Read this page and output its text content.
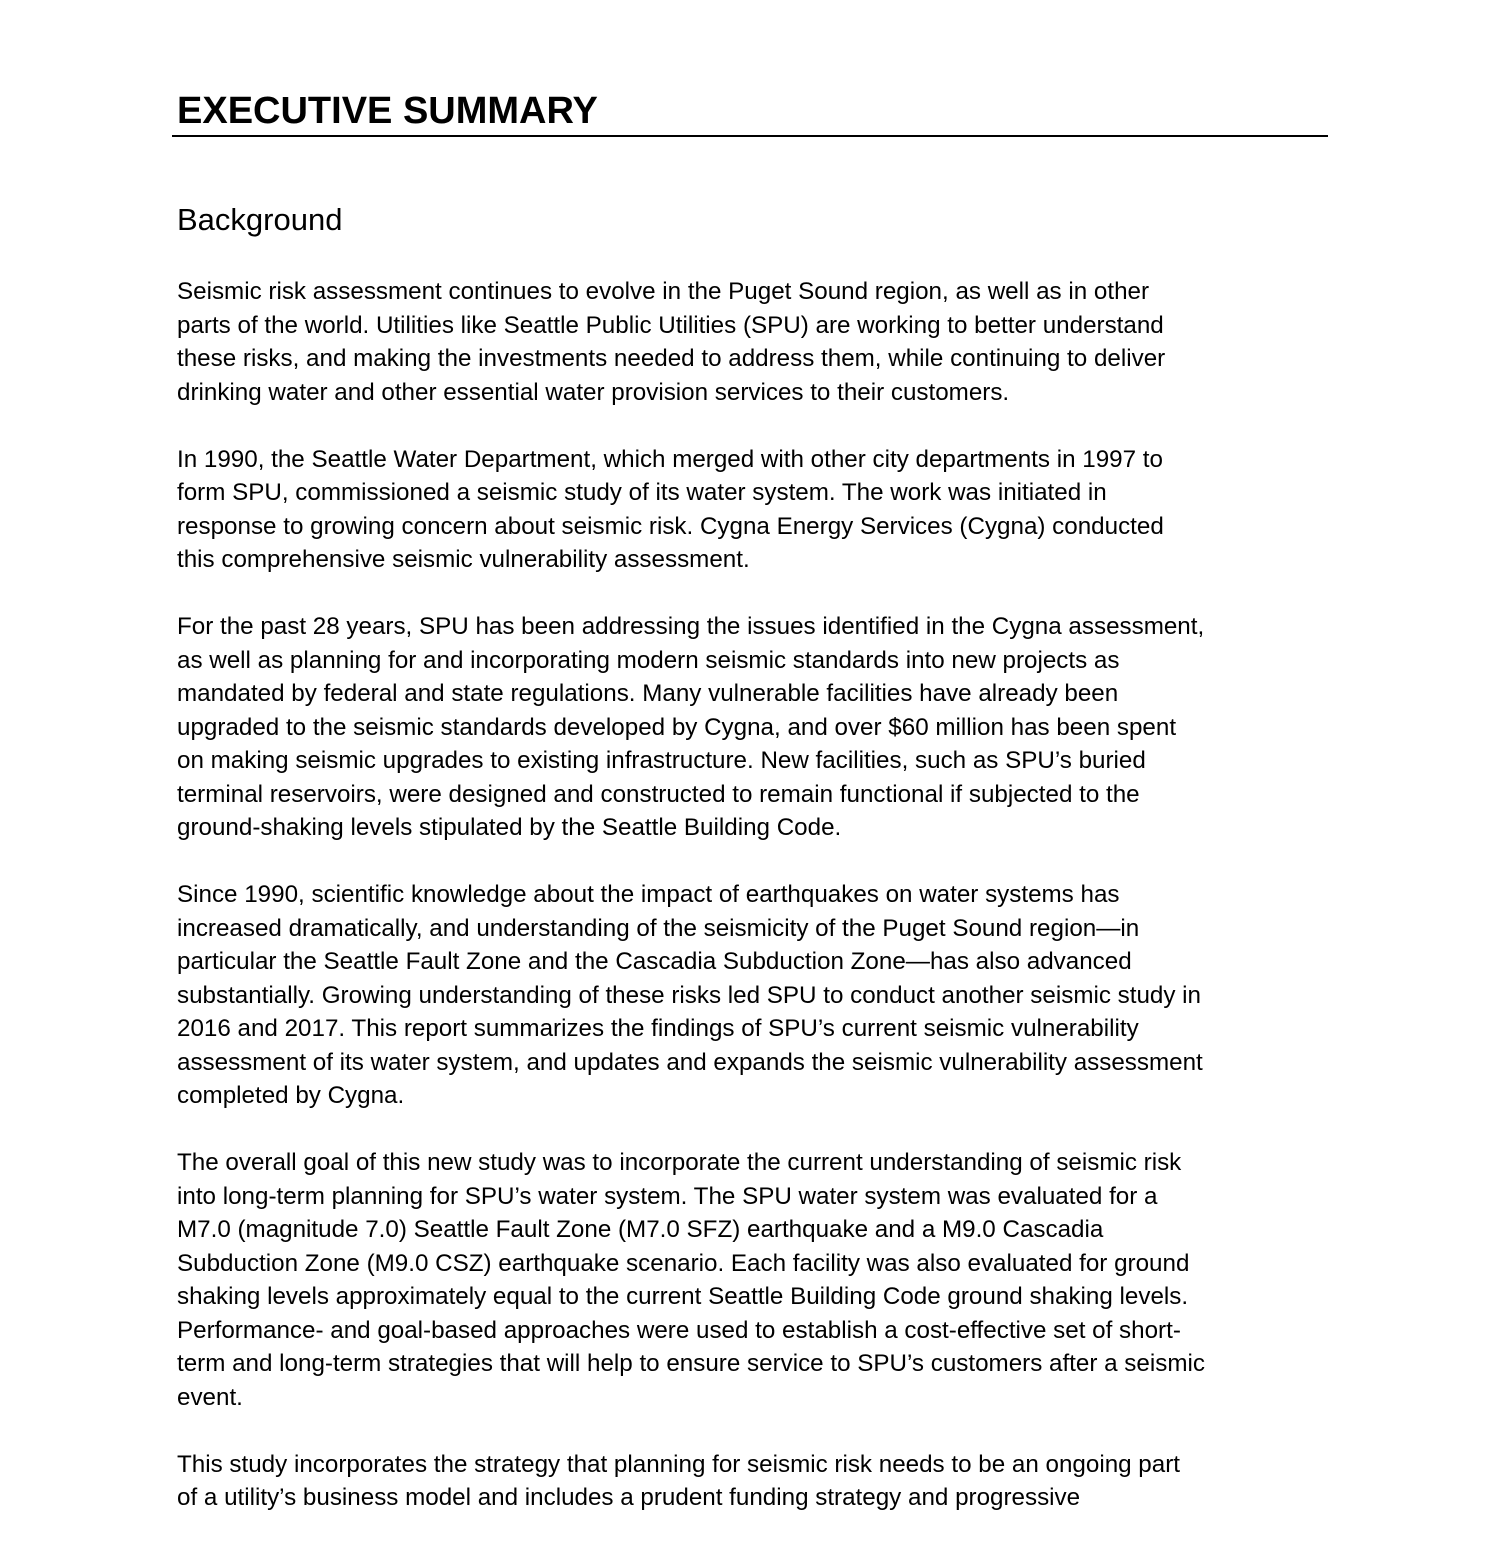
EXECUTIVE SUMMARY
Background

Seismic risk assessment continues to evolve in the Puget Sound region, as well as in other
parts of the world. Utilities like Seattle Public Utilities (SPU) are working to better understand
these risks, and making the investments needed to address them, while continuing to deliver
drinking water and other essential water provision services to their customers.

In 1990, the Seattle Water Department, which merged with other city departments in 1997 to
form SPU, commissioned a seismic study of its water system. The work was initiated in
response to growing concern about seismic risk. Cygna Energy Services (Cygna) conducted
this comprehensive seismic vulnerability assessment.

For the past 28 years, SPU has been addressing the issues identified in the Cygna assessment,
as well as planning for and incorporating modern seismic standards into new projects as
mandated by federal and state regulations. Many vulnerable facilities have already been
upgraded to the seismic standards developed by Cygna, and over $60 million has been spent
on making seismic upgrades to existing infrastructure. New facilities, such as SPU’s buried
terminal reservoirs, were designed and constructed to remain functional if subjected to the
ground-shaking levels stipulated by the Seattle Building Code.

Since 1990, scientific knowledge about the impact of earthquakes on water systems has
increased dramatically, and understanding of the seismicity of the Puget Sound region—in
particular the Seattle Fault Zone and the Cascadia Subduction Zone—has also advanced
substantially. Growing understanding of these risks led SPU to conduct another seismic study in
2016 and 2017. This report summarizes the findings of SPU’s current seismic vulnerability
assessment of its water system, and updates and expands the seismic vulnerability assessment
completed by Cygna.

The overall goal of this new study was to incorporate the current understanding of seismic risk
into long-term planning for SPU’s water system. The SPU water system was evaluated for a
M7.0 (magnitude 7.0) Seattle Fault Zone (M7.0 SFZ) earthquake and a M9.0 Cascadia
Subduction Zone (M9.0 CSZ) earthquake scenario. Each facility was also evaluated for ground
shaking levels approximately equal to the current Seattle Building Code ground shaking levels.
Performance- and goal-based approaches were used to establish a cost-effective set of short-
term and long-term strategies that will help to ensure service to SPU’s customers after a seismic
event.

This study incorporates the strategy that planning for seismic risk needs to be an ongoing part
of a utility’s business model and includes a prudent funding strategy and progressive
